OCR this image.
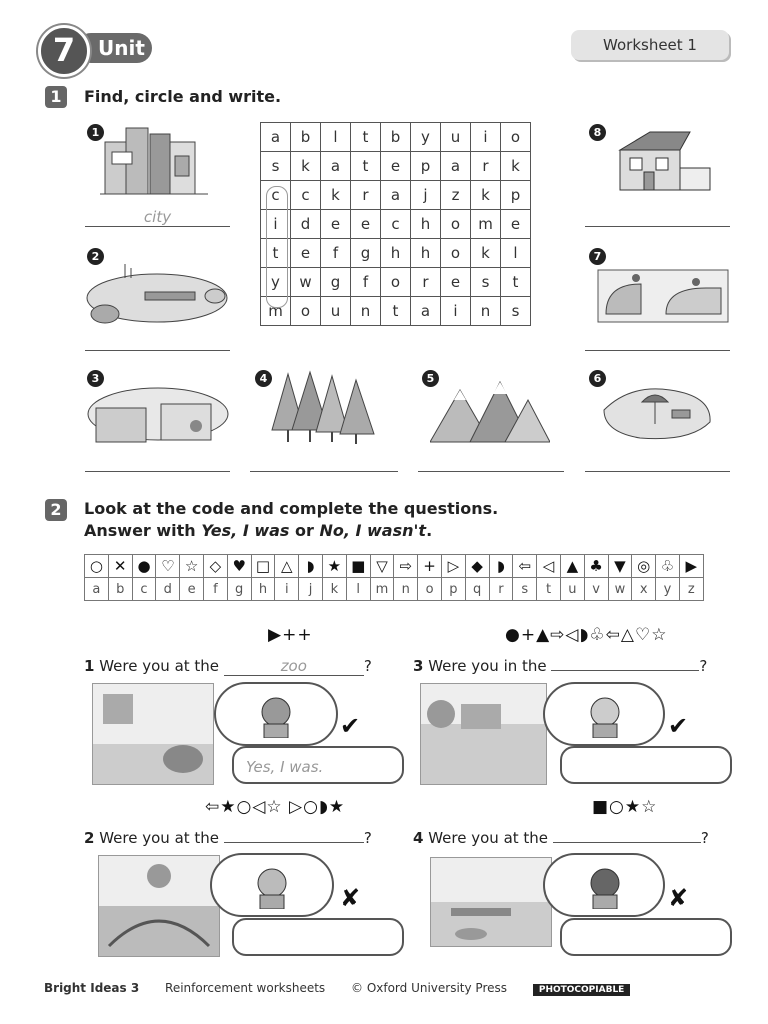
Unit
7	Worksheet 1
1	Find, circle and write.
a	b	l	t	b	y	u	i	o
s	k	a	t	e	p	a	r	k
c	c	k	r	a	j	z	k	p
i	d	e	e	c	h	o	m	e
t	e	f	g	h	h	o	k	l
y	w	g	f	o	r	e	s	t
m	o	u	n	t	a	i	n	s
1
city
2
8
7
3	4	5	6
2	Look at the code and complete the questions.
Answer with Yes, I was or No, I wasn't.
○	✕	●	♡	☆	◇	♥	□	△	◗	★	■	▽	⇨	+	▷	◆	◗	⇦	◁	▲	♣	▼	◎	♧	▶
a	b	c	d	e	f	g	h	i	j	k	l	m	n	o	p	q	r	s	t	u	v	w	x	y	z
▶++
1 Were you at the	zoo	?
✔
Yes, I was.
●+▲⇨◁◗♧⇦△♡☆
3 Were you in the	?
✔
⇦★○◁☆ ▷○◗★
2 Were you at the	?
✘
■○★☆
4 Were you at the	?
✘
Bright Ideas 3 Reinforcement worksheets © Oxford University Press	PHOTOCOPIABLE
